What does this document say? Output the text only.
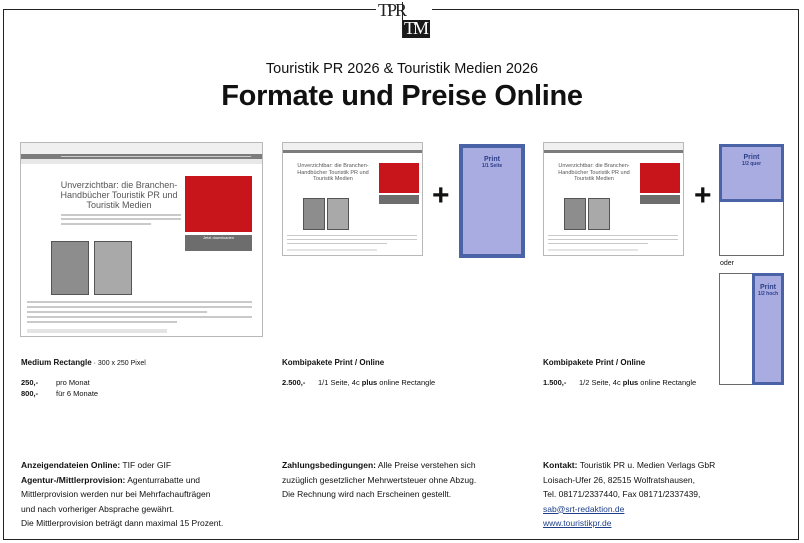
TPR
TM
Touristik PR 2026 & Touristik Medien 2026
Formate und Preise Online
Unverzichtbar: die Branchen-Handbücher Touristik PR und Touristik Medien
Jetzt downloaden
Unverzichtbar: die Branchen-Handbücher Touristik PR und Touristik Medien	+
Print
1/1 Seite	Unverzichtbar: die Branchen-Handbücher Touristik PR und Touristik Medien	+
Print
1/2 quer
oder
Print
1/2 hoch
Medium Rectangle · 300 x 250 Pixel
250,- pro Monat
800,- für 6 Monate
Kombipakete Print / Online
2.500,- 1/1 Seite, 4c plus online Rectangle
Kombipakete Print / Online
1.500,- 1/2 Seite, 4c plus online Rectangle
Anzeigendateien Online: TIF oder GIF
Agentur-/Mittlerprovision: Agenturrabatte und
Mittlerprovision werden nur bei Mehrfachaufträgen
und nach vorheriger Absprache gewährt.
Die Mittlerprovision beträgt dann maximal 15 Prozent.
Zahlungsbedingungen: Alle Preise verstehen sich
zuzüglich gesetzlicher Mehrwertsteuer ohne Abzug.
Die Rechnung wird nach Erscheinen gestellt.
Kontakt: Touristik PR u. Medien Verlags GbR
Loisach-Ufer 26, 82515 Wolfratshausen,
Tel. 08171/2337440, Fax 08171/2337439,
sab@srt-redaktion.de
www.touristikpr.de
